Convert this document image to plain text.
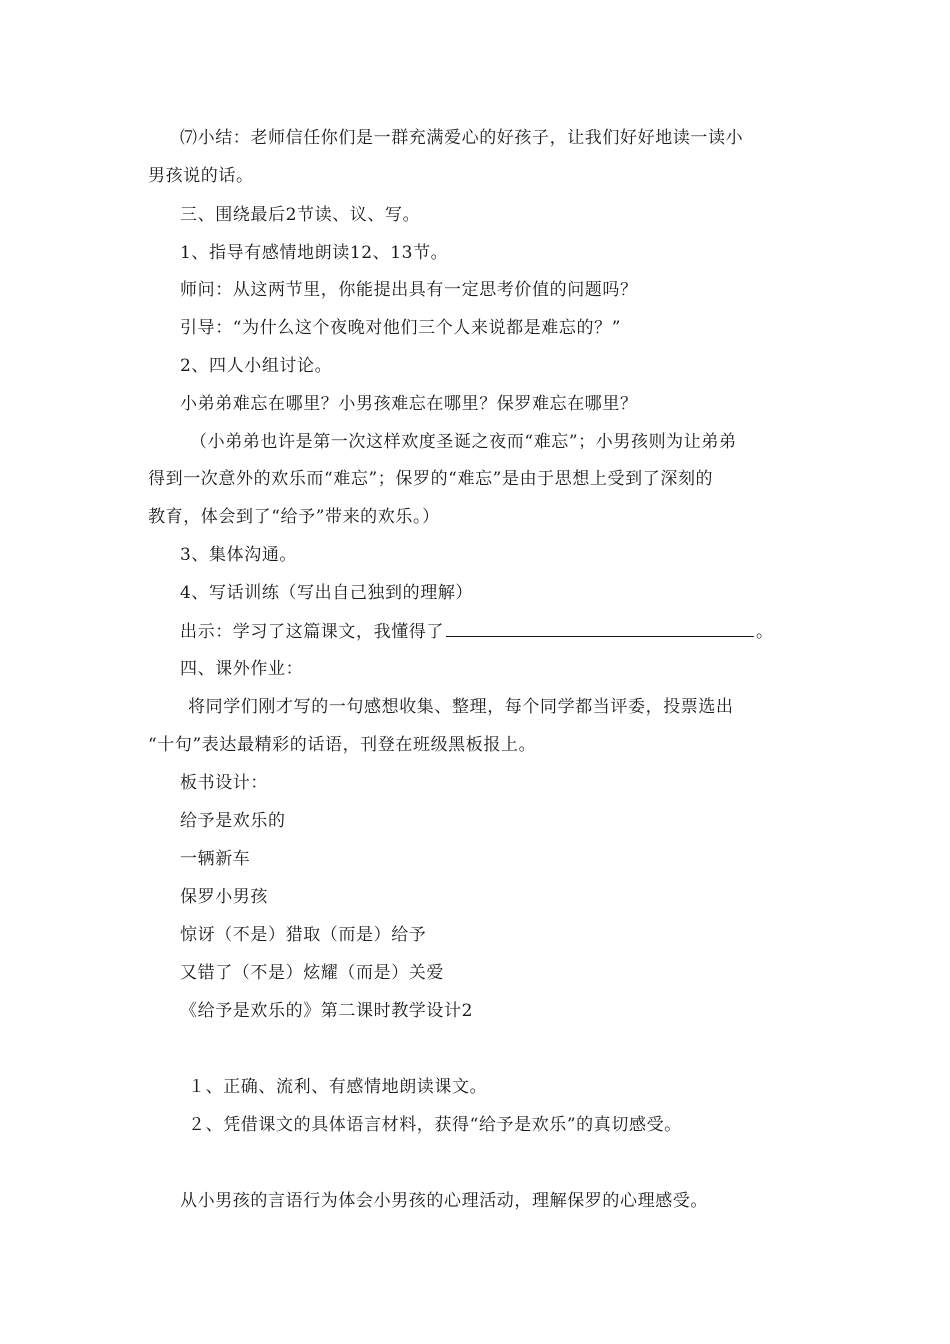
⑺小结：老师信任你们是一群充满爱心的好孩子，让我们好好地读一读小
男孩说的话。
三、围绕最后2节读、议、写。
1、指导有感情地朗读12、13节。
师问：从这两节里，你能提出具有一定思考价值的问题吗？
引导：“为什么这个夜晚对他们三个人来说都是难忘的？”
2、四人小组讨论。
小弟弟难忘在哪里？小男孩难忘在哪里？保罗难忘在哪里？
（小弟弟也许是第一次这样欢度圣诞之夜而“难忘”；小男孩则为让弟弟
得到一次意外的欢乐而“难忘”；保罗的“难忘”是由于思想上受到了深刻的
教育，体会到了“给予”带来的欢乐。）
3、集体沟通。
4、写话训练（写出自己独到的理解）
出示：学习了这篇课文，我懂得了	。
四、课外作业：
将同学们刚才写的一句感想收集、整理，每个同学都当评委，投票选出
“十句”表达最精彩的话语，刊登在班级黑板报上。
板书设计：
给予是欢乐的
一辆新车
保罗小男孩
惊讶（不是）猎取（而是）给予
又错了（不是）炫耀（而是）关爱
《给予是欢乐的》第二课时教学设计2
１、正确、流利、有感情地朗读课文。
２、凭借课文的具体语言材料，获得“给予是欢乐”的真切感受。
从小男孩的言语行为体会小男孩的心理活动，理解保罗的心理感受。
